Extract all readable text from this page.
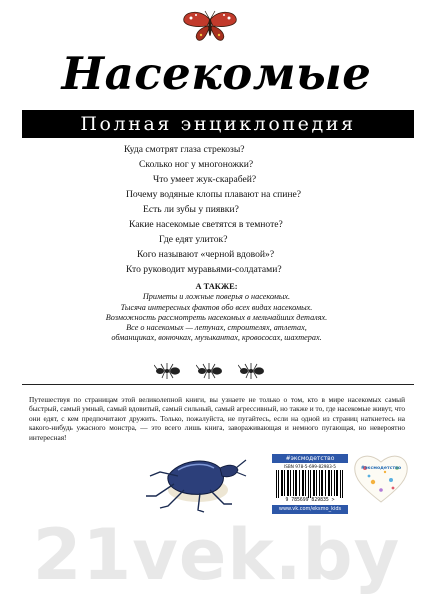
Насекомые
Полная энциклопедия
Куда смотрят глаза стрекозы?
Сколько ног у многоножки?
Что умеет жук-скарабей?
Почему водяные клопы плавают на спине?
Есть ли зубы у пиявки?
Какие насекомые светятся в темноте?
Где едят улиток?
Кого называют «черной вдовой»?
Кто руководит муравьями-солдатами?
А ТАКЖЕ:
Приметы и ложные поверья о насекомых.
Тысяча интересных фактов обо всех видах насекомых.
Возможность рассмотреть насекомых в мельчайших деталях.
Все о насекомых — летунах, строителях, атлетах,
обманщиках, вонючках, музыкантах, кровососах, шахтерах.
Путешествуя по страницам этой великолепной книги, вы узнаете не только о том, кто в мире насекомых самый быстрый, самый умный, самый вдовитый, самый сильный, самый агрессивный, но также и то, где насекомые живут, что они едят, с кем предпочитают дружить. Только, пожалуйста, не пугайтесь, если на одной из страниц наткнетесь на какого-нибудь ужасного монстра, — это всего лишь книга, завораживающая и немного пугающая, но невероятно интересная!
#эксмодетство
ISBN 978-5-699-82983-5
9 785699 829835 >
www.vk.com/eksmo_kids
#эксмодетство
21vek.by
